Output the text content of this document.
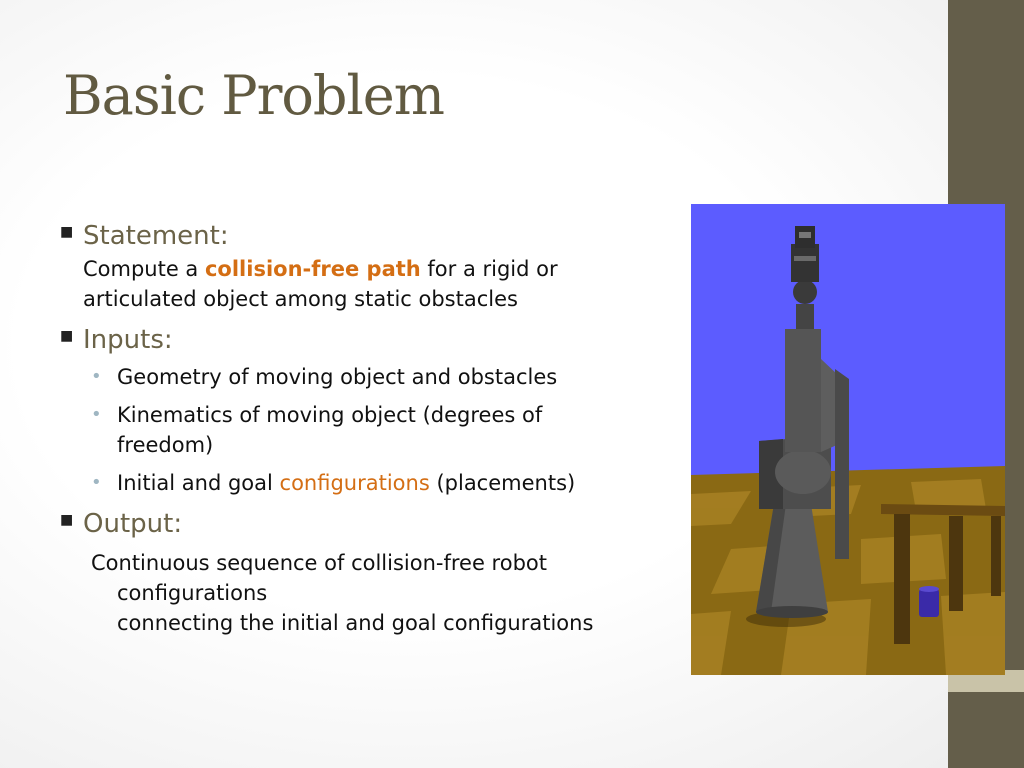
Basic Problem
■ Statement:
Compute a collision-free path for a rigid or articulated object among static obstacles
■ Inputs:
• Geometry of moving object and obstacles
• Kinematics of moving object (degrees of freedom)
• Initial and goal configurations (placements)
■ Output:
Continuous sequence of collision-free robot configurations
connecting the initial and goal configurations
